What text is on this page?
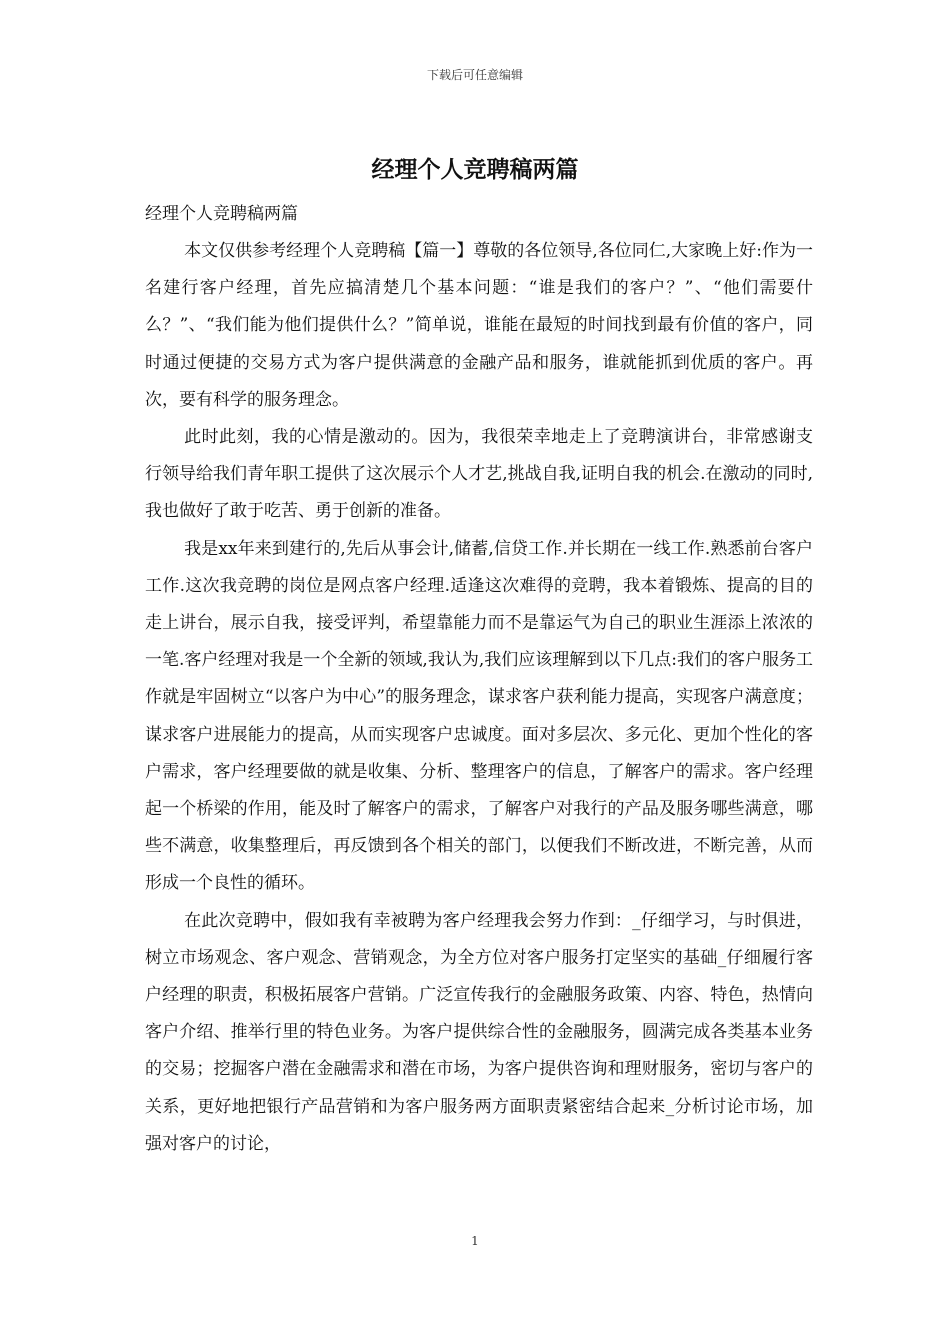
下载后可任意编辑
经理个人竞聘稿两篇

经理个人竞聘稿两篇

本文仅供参考经理个人竞聘稿【篇一】尊敬的各位领导,各位同仁,大家晚上好:作为一名建行客户经理，首先应搞清楚几个基本问题：“谁是我们的客户？”、“他们需要什么？”、“我们能为他们提供什么？”简单说，谁能在最短的时间找到最有价值的客户，同时通过便捷的交易方式为客户提供满意的金融产品和服务，谁就能抓到优质的客户。再次，要有科学的服务理念。

此时此刻，我的心情是激动的。因为，我很荣幸地走上了竞聘演讲台，非常感谢支行领导给我们青年职工提供了这次展示个人才艺,挑战自我,证明自我的机会.在激动的同时,我也做好了敢于吃苦、勇于创新的准备。

我是xx年来到建行的,先后从事会计,储蓄,信贷工作.并长期在一线工作.熟悉前台客户工作.这次我竞聘的岗位是网点客户经理.适逢这次难得的竞聘，我本着锻炼、提高的目的走上讲台，展示自我，接受评判，希望靠能力而不是靠运气为自己的职业生涯添上浓浓的一笔.客户经理对我是一个全新的领域,我认为,我们应该理解到以下几点:我们的客户服务工作就是牢固树立“以客户为中心”的服务理念，谋求客户获利能力提高，实现客户满意度；谋求客户进展能力的提高，从而实现客户忠诚度。面对多层次、多元化、更加个性化的客户需求，客户经理要做的就是收集、分析、整理客户的信息，了解客户的需求。客户经理起一个桥梁的作用，能及时了解客户的需求，了解客户对我行的产品及服务哪些满意，哪些不满意，收集整理后，再反馈到各个相关的部门，以便我们不断改进，不断完善，从而形成一个良性的循环。

在此次竞聘中，假如我有幸被聘为客户经理我会努力作到：_仔细学习，与时俱进，树立市场观念、客户观念、营销观念，为全方位对客户服务打定坚实的基础_仔细履行客户经理的职责，积极拓展客户营销。广泛宣传我行的金融服务政策、内容、特色，热情向客户介绍、推举行里的特色业务。为客户提供综合性的金融服务，圆满完成各类基本业务的交易；挖掘客户潜在金融需求和潜在市场，为客户提供咨询和理财服务，密切与客户的关系，更好地把银行产品营销和为客户服务两方面职责紧密结合起来_分析讨论市场，加强对客户的讨论，

1
